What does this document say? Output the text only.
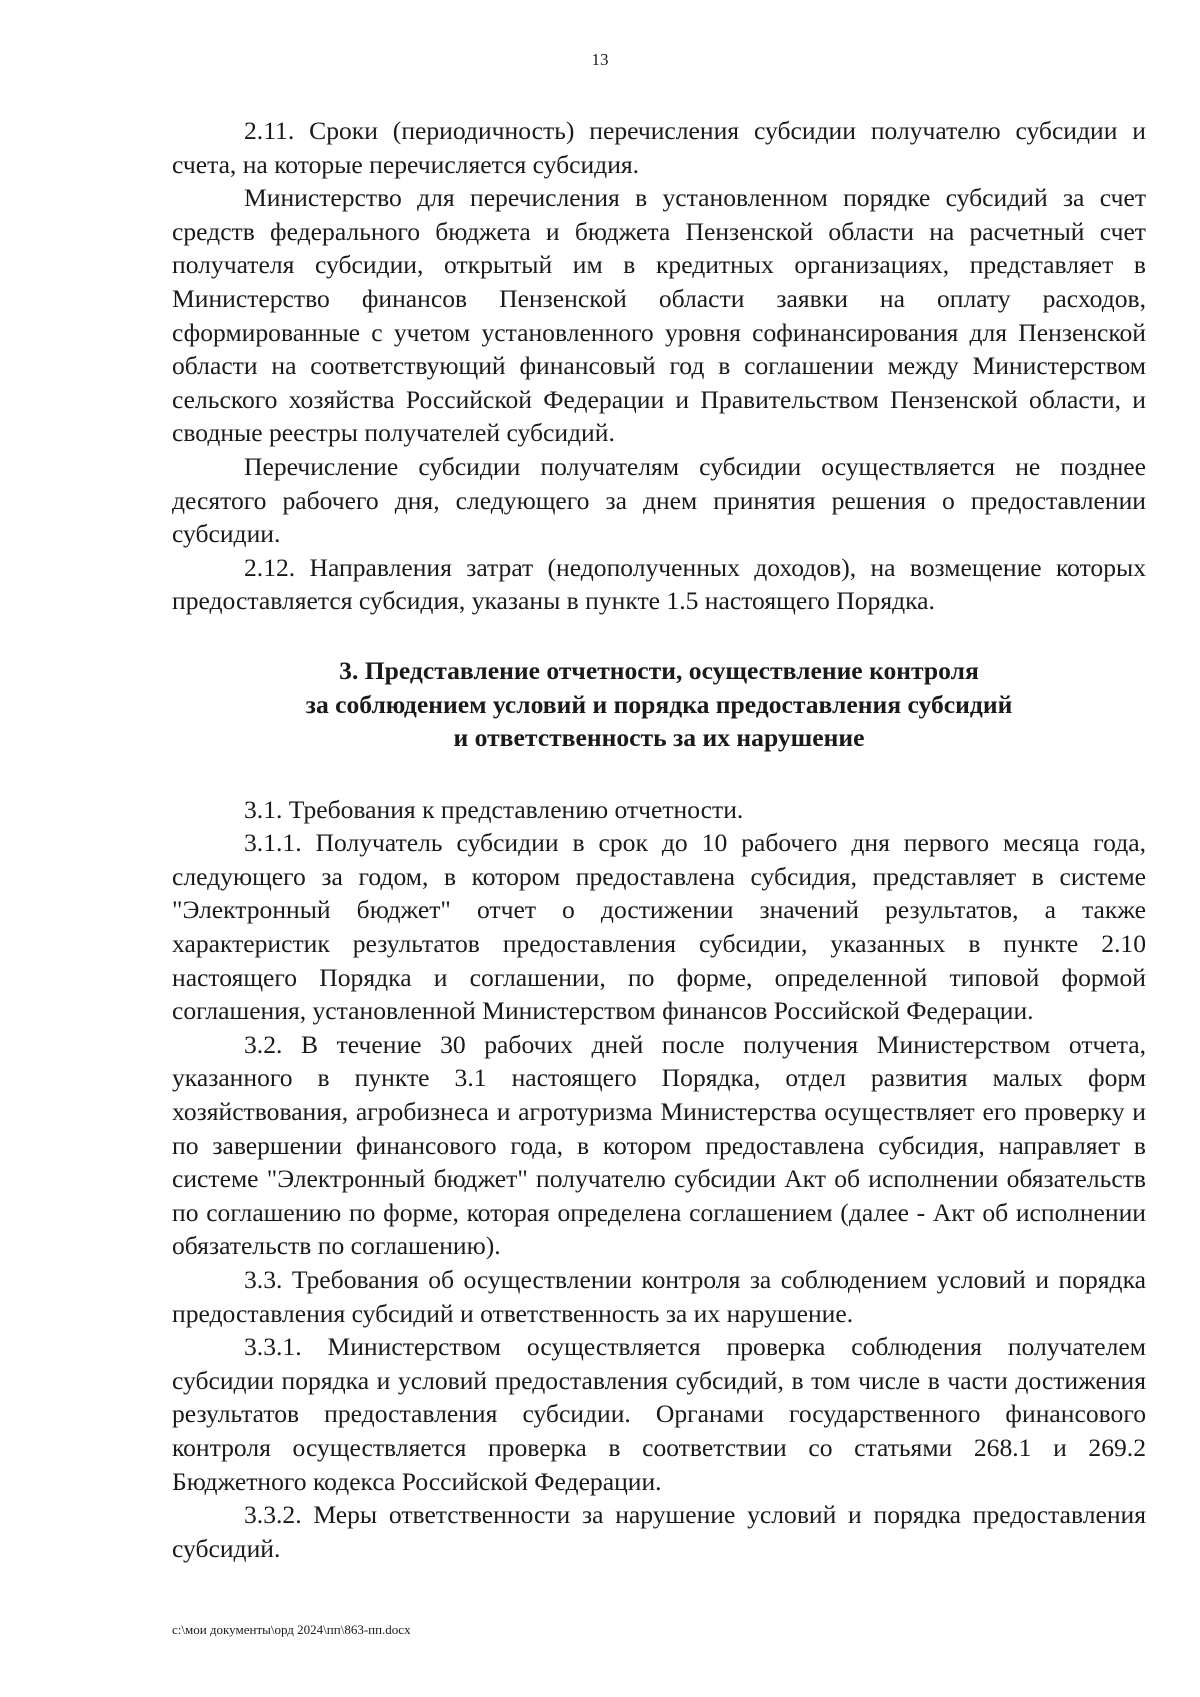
13

2.11. Сроки (периодичность) перечисления субсидии получателю субсидии и счета, на которые перечисляется субсидия.

Министерство для перечисления в установленном порядке субсидий за счет средств федерального бюджета и бюджета Пензенской области на расчетный счет получателя субсидии, открытый им в кредитных организациях, представляет в Министерство финансов Пензенской области заявки на оплату расходов, сформированные с учетом установленного уровня софинансирования для Пензенской области на соответствующий финансовый год в соглашении между Министерством сельского хозяйства Российской Федерации и Правительством Пензенской области, и сводные реестры получателей субсидий.

Перечисление субсидии получателям субсидии осуществляется не позднее десятого рабочего дня, следующего за днем принятия решения о предоставлении субсидии.

2.12. Направления затрат (недополученных доходов), на возмещение которых предоставляется субсидия, указаны в пункте 1.5 настоящего Порядка.

3. Представление отчетности, осуществление контроля
за соблюдением условий и порядка предоставления субсидий
и ответственность за их нарушение

3.1. Требования к представлению отчетности.

3.1.1. Получатель субсидии в срок до 10 рабочего дня первого месяца года, следующего за годом, в котором предоставлена субсидия, представляет в системе "Электронный бюджет" отчет о достижении значений результатов, а также характеристик результатов предоставления субсидии, указанных в пункте 2.10 настоящего Порядка и соглашении, по форме, определенной типовой формой соглашения, установленной Министерством финансов Российской Федерации.

3.2. В течение 30 рабочих дней после получения Министерством отчета, указанного в пункте 3.1 настоящего Порядка, отдел развития малых форм хозяйствования, агробизнеса и агротуризма Министерства осуществляет его проверку и по завершении финансового года, в котором предоставлена субсидия, направляет в системе "Электронный бюджет" получателю субсидии Акт об исполнении обязательств по соглашению по форме, которая определена соглашением (далее - Акт об исполнении обязательств по соглашению).

3.3. Требования об осуществлении контроля за соблюдением условий и порядка предоставления субсидий и ответственность за их нарушение.

3.3.1. Министерством осуществляется проверка соблюдения получателем субсидии порядка и условий предоставления субсидий, в том числе в части достижения результатов предоставления субсидии. Органами государственного финансового контроля осуществляется проверка в соответствии со статьями 268.1 и 269.2 Бюджетного кодекса Российской Федерации.

3.3.2. Меры ответственности за нарушение условий и порядка предоставления субсидий.

c:\мои документы\орд 2024\пп\863-пп.docx
